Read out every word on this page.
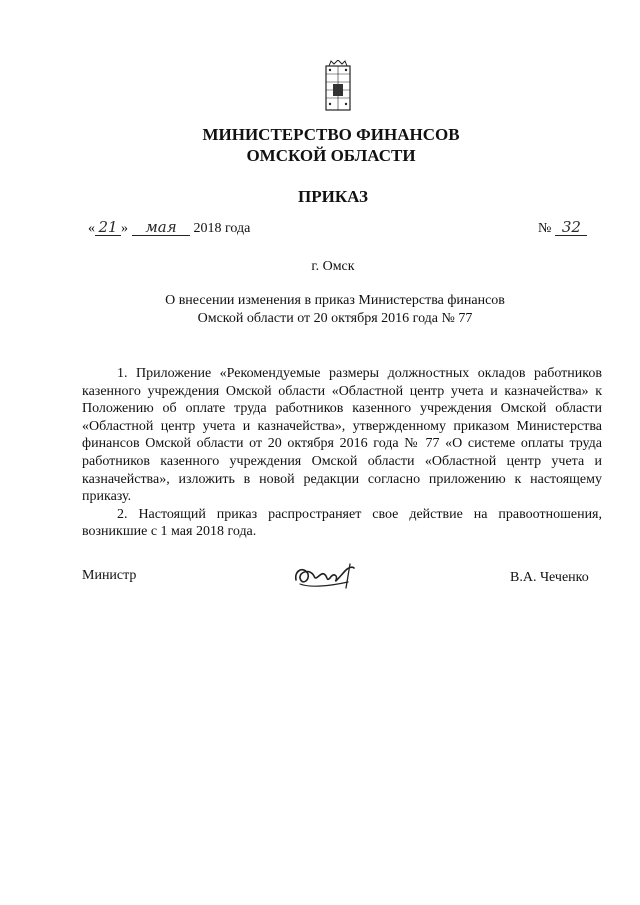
МИНИСТЕРСТВО ФИНАНСОВ
ОМСКОЙ ОБЛАСТИ
ПРИКАЗ
« 21 » мая 2018 года	№ 32
г. Омск
О внесении изменения в приказ Министерства финансов
Омской области от 20 октября 2016 года № 77

1. Приложение «Рекомендуемые размеры должностных окладов работников казенного учреждения Омской области «Областной центр учета и казначейства» к Положению об оплате труда работников казенного учреждения Омской области «Областной центр учета и казначейства», утвержденному приказом Министерства финансов Омской области от 20 октября 2016 года № 77 «О системе оплаты труда работников казенного учреждения Омской области «Областной центр учета и казначейства», изложить в новой редакции согласно приложению к настоящему приказу.

2. Настоящий приказ распространяет свое действие на правоотношения, возникшие с 1 мая 2018 года.

Министр	В.А. Чеченко
